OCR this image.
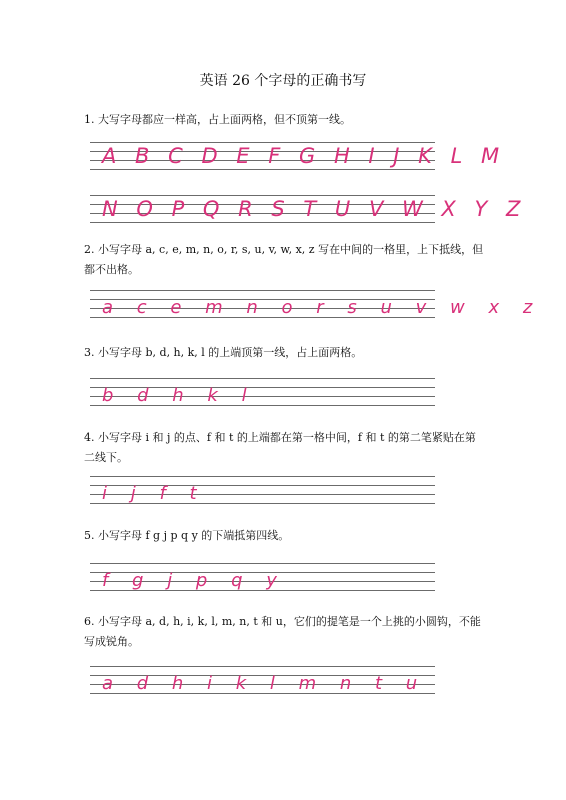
英语 26 个字母的正确书写
1. 大写字母都应一样高，占上面两格，但不顶第一线。
A B C D E F G H I J K L M
N O P Q R S T U V W X Y Z
2. 小写字母 a, c, e, m, n, o, r, s, u, v, w, x, z 写在中间的一格里，上下抵线，但都不出格。
a c e m n o r s u v w x z
3. 小写字母 b, d, h, k, l 的上端顶第一线，占上面两格。
b d h k l
4. 小写字母 i 和 j 的点、f 和 t 的上端都在第一格中间，f 和 t 的第二笔紧贴在第二线下。
i j f t
5. 小写字母 f g j p q y 的下端抵第四线。
f g j p q y
6. 小写字母 a, d, h, i, k, l, m, n, t 和 u，它们的提笔是一个上挑的小圆钩，不能写成锐角。
a d h i k l m n t u
